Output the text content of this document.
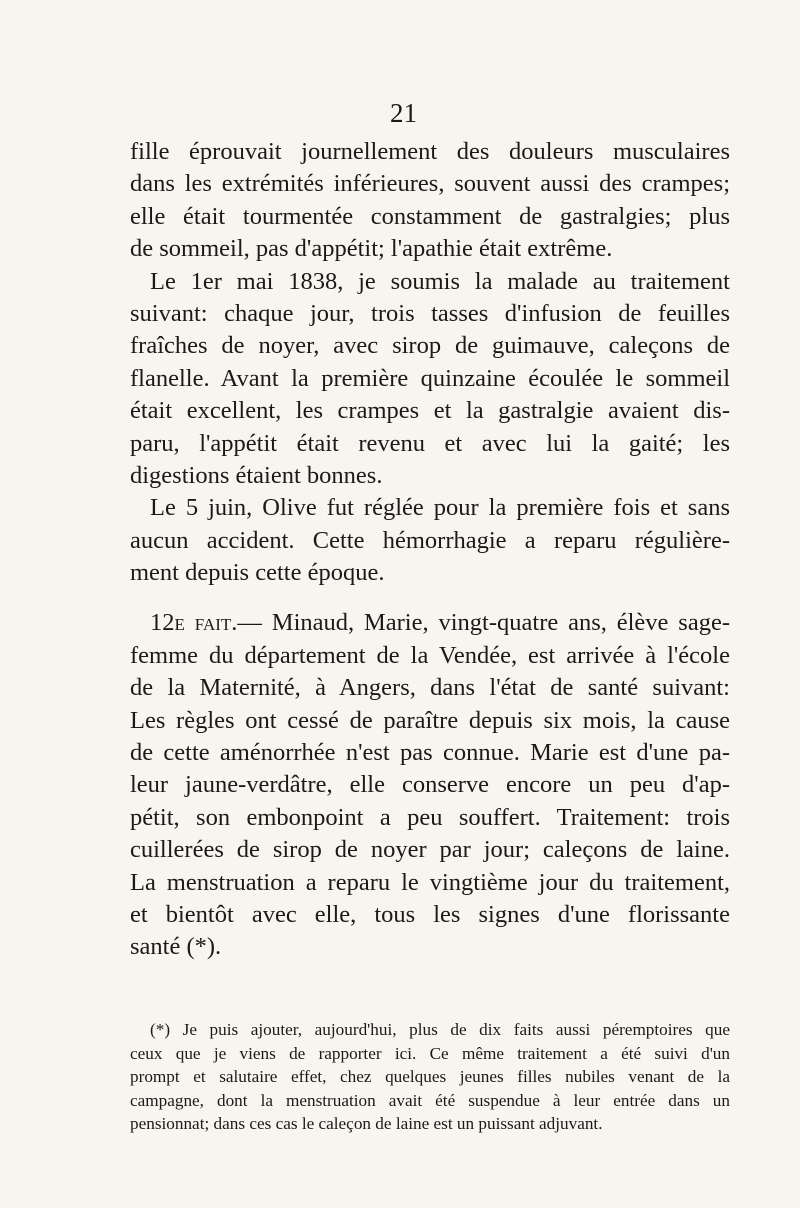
21
fille éprouvait journellement des douleurs musculaires
dans les extrémités inférieures, souvent aussi des crampes;
elle était tourmentée constamment de gastralgies; plus
de sommeil, pas d'appétit; l'apathie était extrême.
Le 1er mai 1838, je soumis la malade au traitement
suivant: chaque jour, trois tasses d'infusion de feuilles
fraîches de noyer, avec sirop de guimauve, caleçons de
flanelle. Avant la première quinzaine écoulée le sommeil
était excellent, les crampes et la gastralgie avaient dis-
paru, l'appétit était revenu et avec lui la gaité; les
digestions étaient bonnes.
Le 5 juin, Olive fut réglée pour la première fois et sans
aucun accident. Cette hémorrhagie a reparu régulière-
ment depuis cette époque.
12e fait.— Minaud, Marie, vingt-quatre ans, élève sage-
femme du département de la Vendée, est arrivée à l'école
de la Maternité, à Angers, dans l'état de santé suivant:
Les règles ont cessé de paraître depuis six mois, la cause
de cette aménorrhée n'est pas connue. Marie est d'une pa-
leur jaune-verdâtre, elle conserve encore un peu d'ap-
pétit, son embonpoint a peu souffert. Traitement: trois
cuillerées de sirop de noyer par jour; caleçons de laine.
La menstruation a reparu le vingtième jour du traitement,
et bientôt avec elle, tous les signes d'une florissante
santé (*).
(*) Je puis ajouter, aujourd'hui, plus de dix faits aussi péremptoires que
ceux que je viens de rapporter ici. Ce même traitement a été suivi d'un
prompt et salutaire effet, chez quelques jeunes filles nubiles venant de la
campagne, dont la menstruation avait été suspendue à leur entrée dans un
pensionnat; dans ces cas le caleçon de laine est un puissant adjuvant.
